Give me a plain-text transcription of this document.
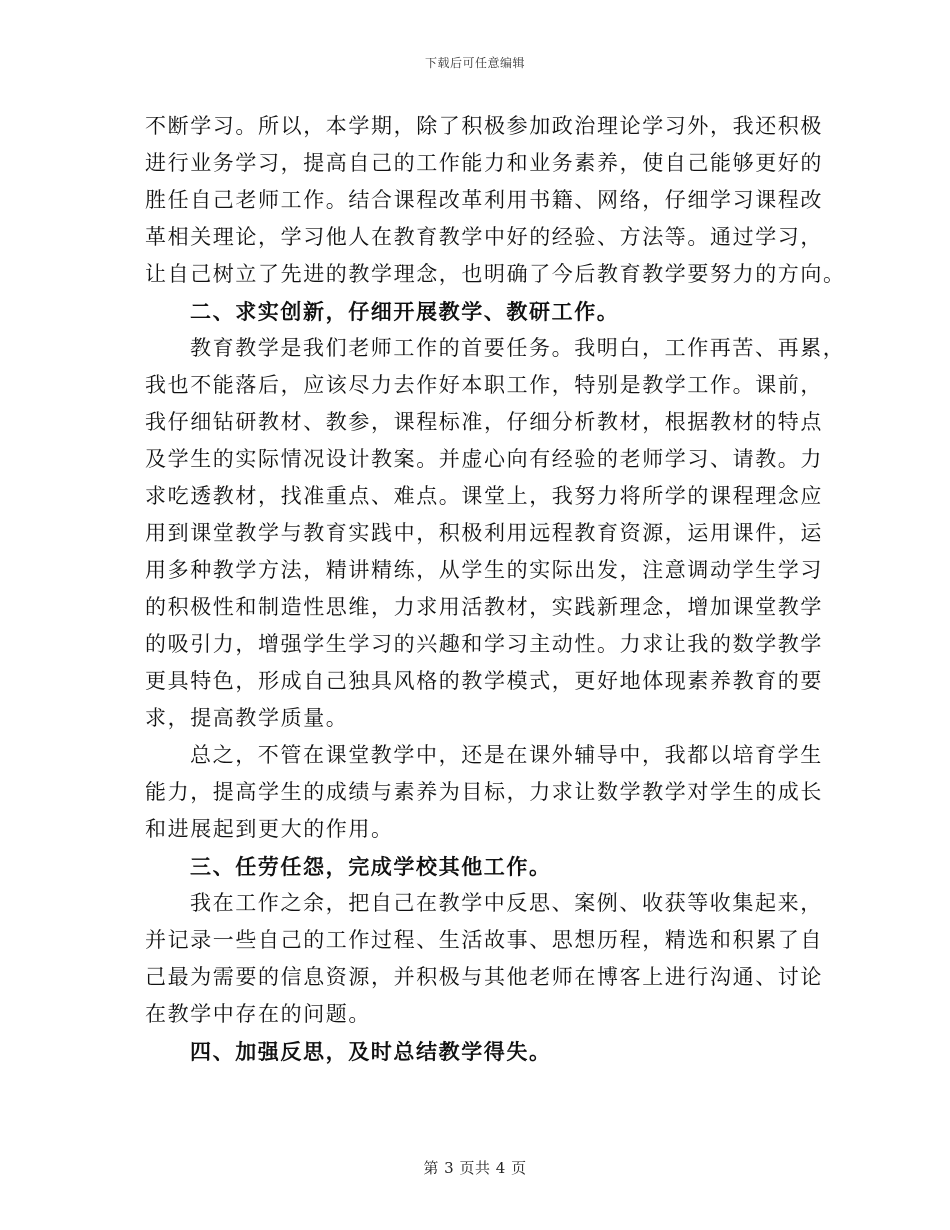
下载后可任意编辑
不断学习。所以，本学期，除了积极参加政治理论学习外，我还积极
进行业务学习，提高自己的工作能力和业务素养，使自己能够更好的
胜任自己老师工作。结合课程改革利用书籍、网络，仔细学习课程改
革相关理论，学习他人在教育教学中好的经验、方法等。通过学习，
让自己树立了先进的教学理念，也明确了今后教育教学要努力的方向。
二、求实创新，仔细开展教学、教研工作。
教育教学是我们老师工作的首要任务。我明白，工作再苦、再累，
我也不能落后，应该尽力去作好本职工作，特别是教学工作。课前，
我仔细钻研教材、教参，课程标准，仔细分析教材，根据教材的特点
及学生的实际情况设计教案。并虚心向有经验的老师学习、请教。力
求吃透教材，找准重点、难点。课堂上，我努力将所学的课程理念应
用到课堂教学与教育实践中，积极利用远程教育资源，运用课件，运
用多种教学方法，精讲精练，从学生的实际出发，注意调动学生学习
的积极性和制造性思维，力求用活教材，实践新理念，增加课堂教学
的吸引力，增强学生学习的兴趣和学习主动性。力求让我的数学教学
更具特色，形成自己独具风格的教学模式，更好地体现素养教育的要
求，提高教学质量。
总之，不管在课堂教学中，还是在课外辅导中，我都以培育学生
能力，提高学生的成绩与素养为目标，力求让数学教学对学生的成长
和进展起到更大的作用。
三、任劳任怨，完成学校其他工作。
我在工作之余，把自己在教学中反思、案例、收获等收集起来，
并记录一些自己的工作过程、生活故事、思想历程，精选和积累了自
己最为需要的信息资源，并积极与其他老师在博客上进行沟通、讨论
在教学中存在的问题。
四、加强反思，及时总结教学得失。
第 3 页共 4 页
